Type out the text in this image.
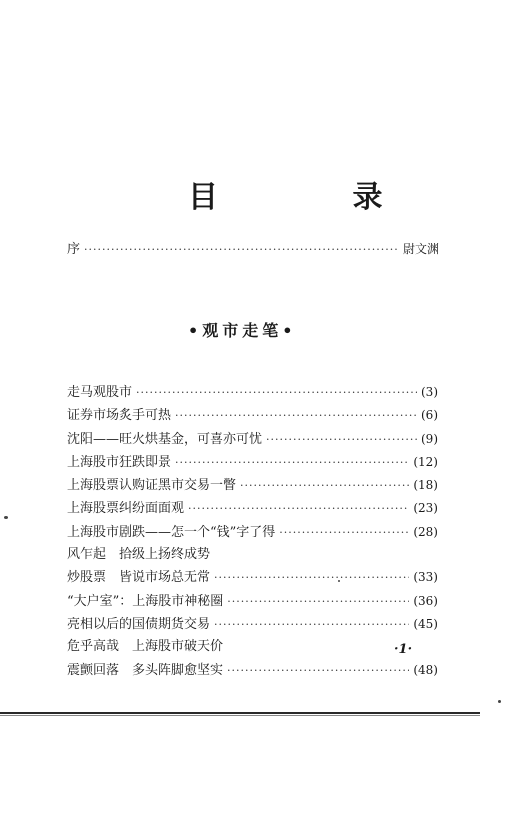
目 录
序 ·····	尉文渊
•观市走笔•
走马观股市 ·····	(3)
证券市场炙手可热 ·····	(6)
沈阳——旺火烘基金，可喜亦可忧 ·····	(9)
上海股市狂跌即景 ·····	(12)
上海股票认购证黑市交易一瞥 ·····	(18)
上海股票纠纷面面观 ·····	(23)
上海股市剧跌——怎一个“钱”字了得 ·····	(28)
风乍起　拾级上扬终成势
炒股票　皆说市场总无常 ·····	(33)
“大户室”：上海股市神秘圈 ·····	(36)
亮相以后的国债期货交易 ·····	(45)
危乎高哉　上海股市破天价
震颤回落　多头阵脚愈坚实 ·····	(48)
·1·
